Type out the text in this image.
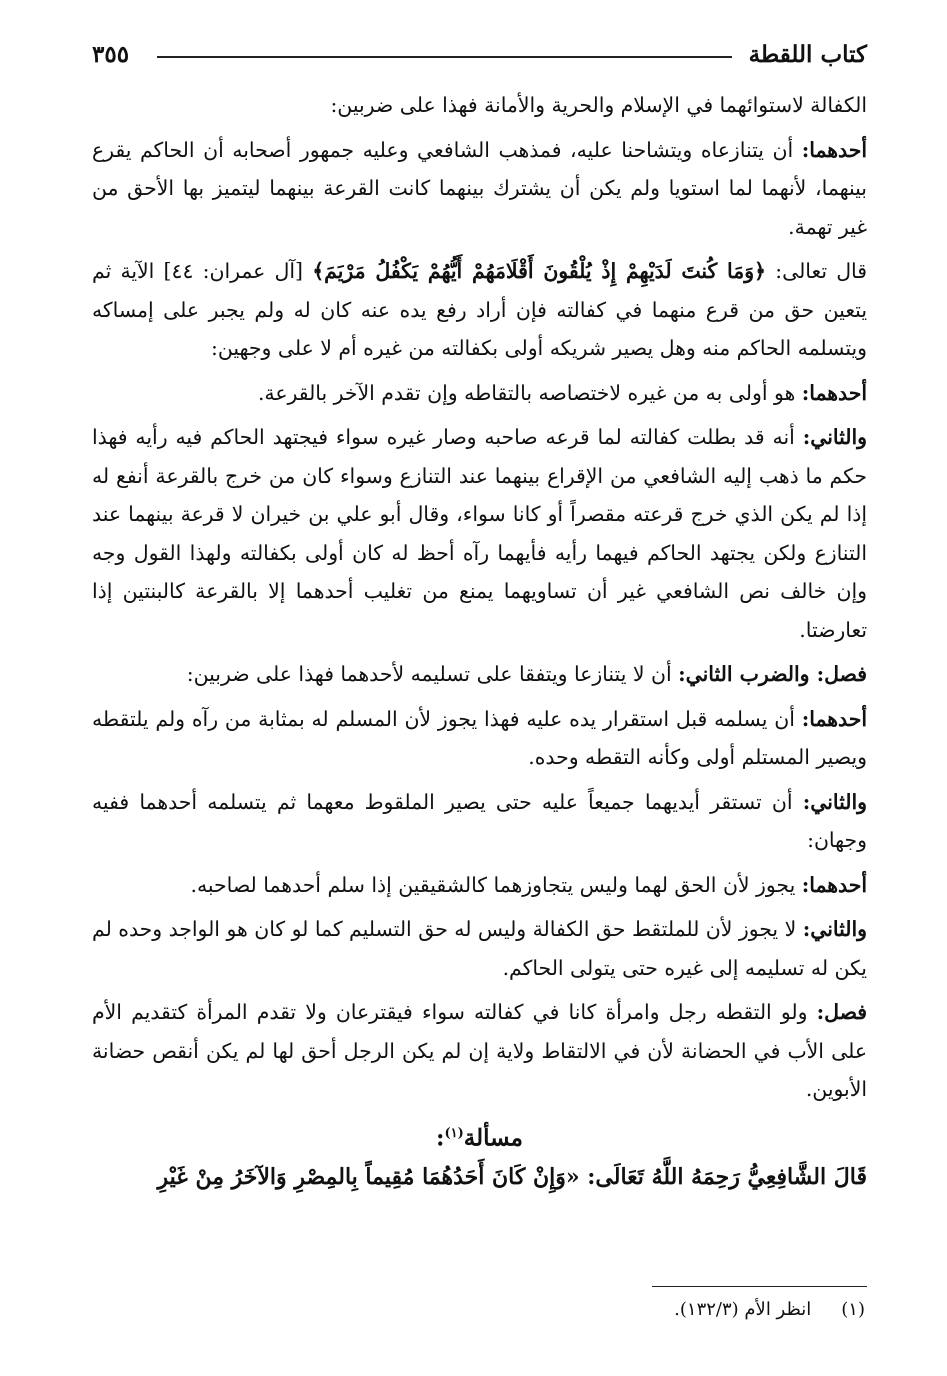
كتاب اللقطة
٣٥٥

الكفالة لاستوائهما في الإسلام والحرية والأمانة فهذا على ضربين:

أحدهما: أن يتنازعاه ويتشاحنا عليه، فمذهب الشافعي وعليه جمهور أصحابه أن الحاكم يقرع بينهما، لأنهما لما استويا ولم يكن أن يشترك بينهما كانت القرعة بينهما ليتميز بها الأحق من غير تهمة.

قال تعالى: ﴿وَمَا كُنتَ لَدَيْهِمْ إِذْ يُلْقُونَ أَقْلَامَهُمْ أَيُّهُمْ يَكْفُلُ مَرْيَمَ﴾ [آل عمران: ٤٤] الآية ثم يتعين حق من قرع منهما في كفالته فإن أراد رفع يده عنه كان له ولم يجبر على إمساكه ويتسلمه الحاكم منه وهل يصير شريكه أولى بكفالته من غيره أم لا على وجهين:

أحدهما: هو أولى به من غيره لاختصاصه بالتقاطه وإن تقدم الآخر بالقرعة.

والثاني: أنه قد بطلت كفالته لما قرعه صاحبه وصار غيره سواء فيجتهد الحاكم فيه رأيه فهذا حكم ما ذهب إليه الشافعي من الإقراع بينهما عند التنازع وسواء كان من خرج بالقرعة أنفع له إذا لم يكن الذي خرج قرعته مقصراً أو كانا سواء، وقال أبو علي بن خيران لا قرعة بينهما عند التنازع ولكن يجتهد الحاكم فيهما رأيه فأيهما رآه أحظ له كان أولى بكفالته ولهذا القول وجه وإن خالف نص الشافعي غير أن تساويهما يمنع من تغليب أحدهما إلا بالقرعة كالبنتين إذا تعارضتا.

فصل: والضرب الثاني: أن لا يتنازعا ويتفقا على تسليمه لأحدهما فهذا على ضربين:

أحدهما: أن يسلمه قبل استقرار يده عليه فهذا يجوز لأن المسلم له بمثابة من رآه ولم يلتقطه ويصير المستلم أولى وكأنه التقطه وحده.

والثاني: أن تستقر أيديهما جميعاً عليه حتى يصير الملقوط معهما ثم يتسلمه أحدهما ففيه وجهان:

أحدهما: يجوز لأن الحق لهما وليس يتجاوزهما كالشقيقين إذا سلم أحدهما لصاحبه.

والثاني: لا يجوز لأن للملتقط حق الكفالة وليس له حق التسليم كما لو كان هو الواجد وحده لم يكن له تسليمه إلى غيره حتى يتولى الحاكم.

فصل: ولو التقطه رجل وامرأة كانا في كفالته سواء فيقترعان ولا تقدم المرأة كتقديم الأم على الأب في الحضانة لأن في الالتقاط ولاية إن لم يكن الرجل أحق لها لم يكن أنقص حضانة الأبوين.

مسألة$^{(١)}$:

قَالَ الشَّافِعِيُّ رَحِمَهُ اللَّهُ تَعَالَى: «وَإِنْ كَانَ أَحَدُهُمَا مُقِيماً بِالمِصْرِ وَالآخَرُ مِنْ غَيْرِ

(١)انظر الأم (١٣٢/٣).
